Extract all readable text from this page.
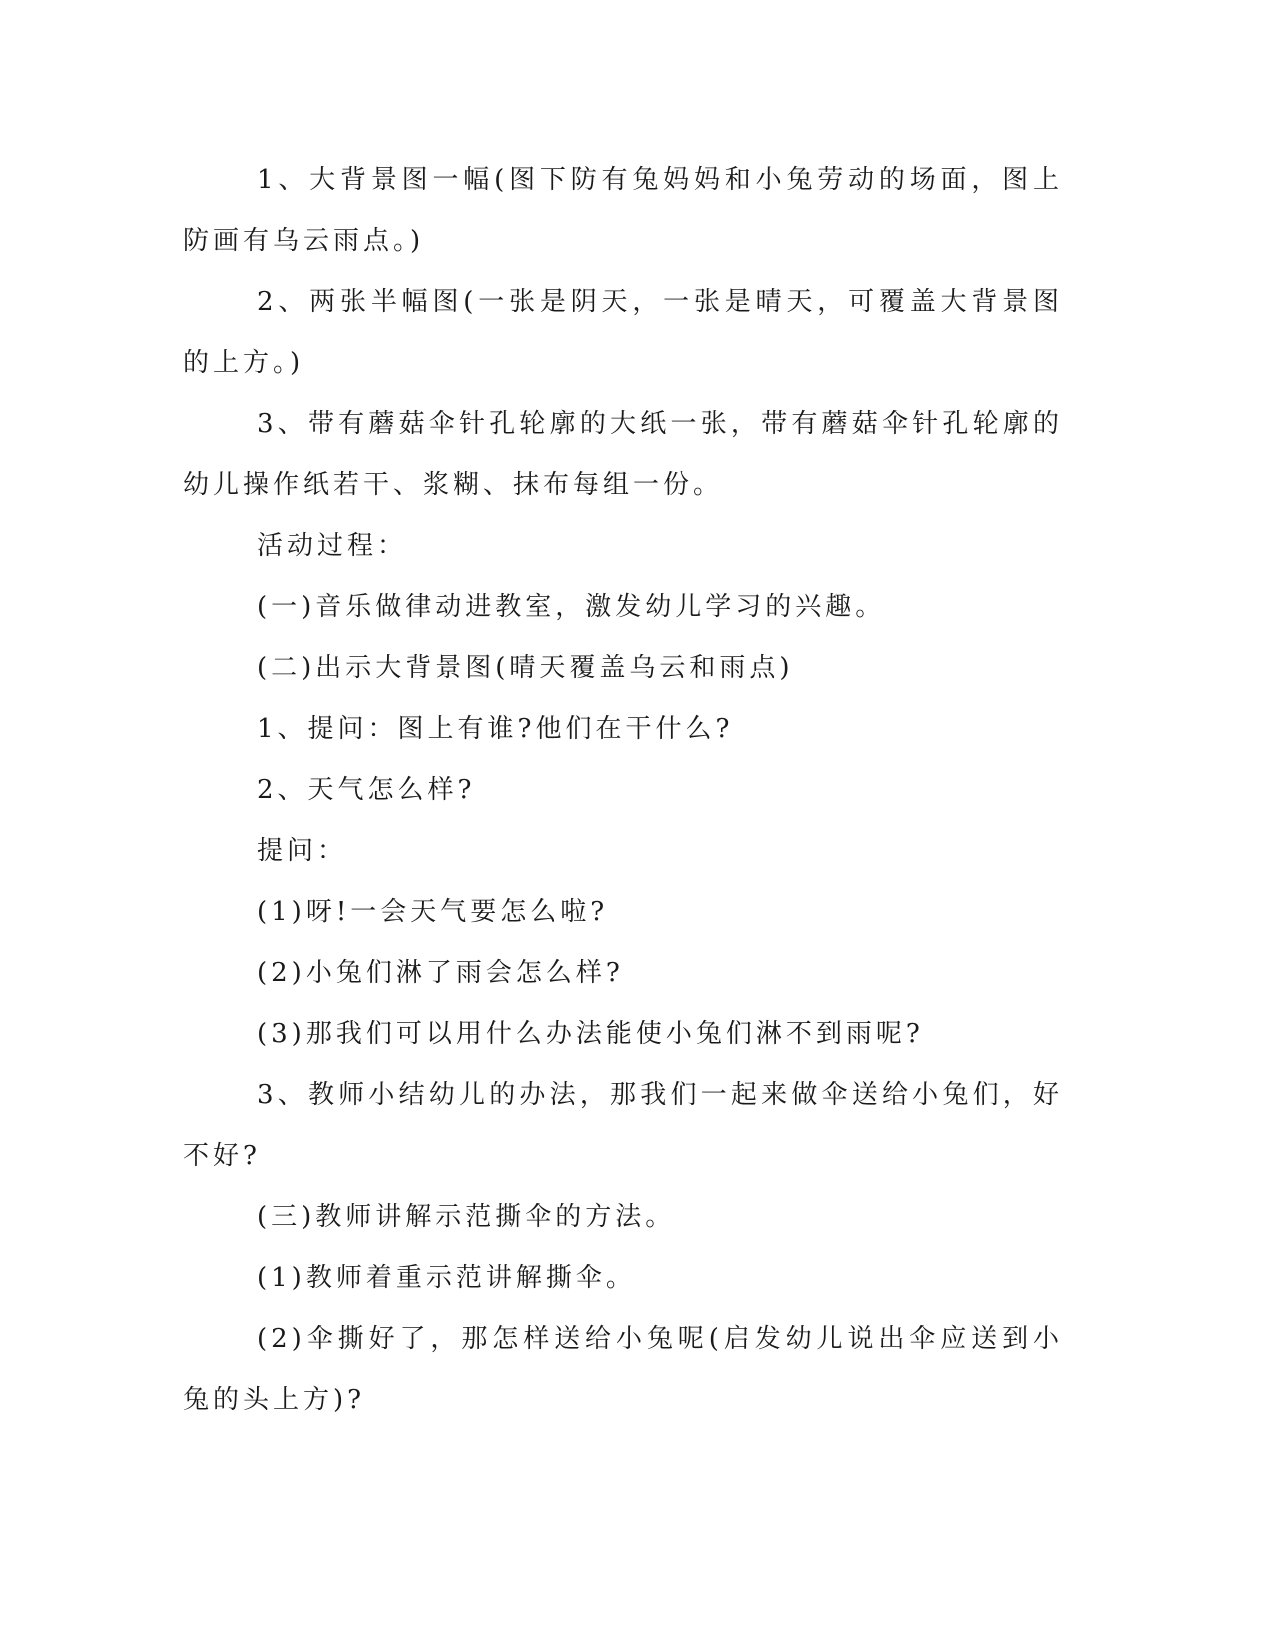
1、大背景图一幅(图下防有兔妈妈和小兔劳动的场面，图上防画有乌云雨点。)

2、两张半幅图(一张是阴天，一张是晴天，可覆盖大背景图的上方。)

3、带有蘑菇伞针孔轮廓的大纸一张，带有蘑菇伞针孔轮廓的幼儿操作纸若干、浆糊、抹布每组一份。

活动过程：

(一)音乐做律动进教室，激发幼儿学习的兴趣。

(二)出示大背景图(晴天覆盖乌云和雨点)

1、提问：图上有谁?他们在干什么?

2、天气怎么样?

提问：

(1)呀!一会天气要怎么啦?

(2)小兔们淋了雨会怎么样?

(3)那我们可以用什么办法能使小兔们淋不到雨呢?

3、教师小结幼儿的办法，那我们一起来做伞送给小兔们，好不好?

(三)教师讲解示范撕伞的方法。

(1)教师着重示范讲解撕伞。

(2)伞撕好了，那怎样送给小兔呢(启发幼儿说出伞应送到小兔的头上方)?
